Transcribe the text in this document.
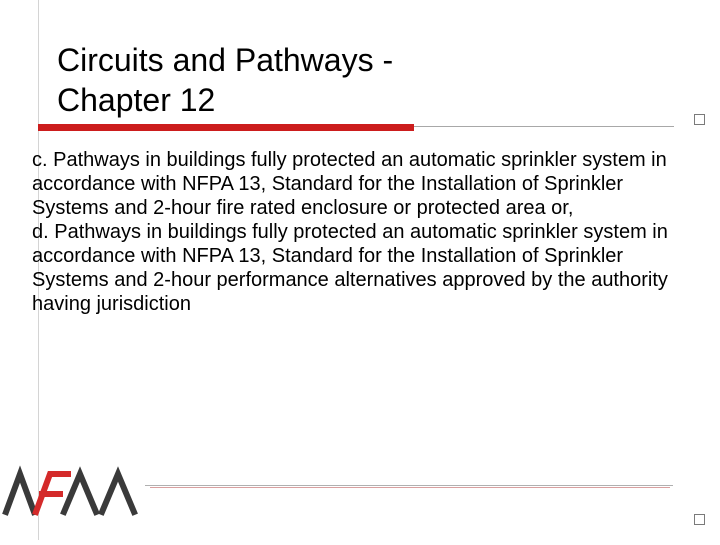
Circuits and Pathways -
Chapter 12

c. Pathways in buildings fully protected an automatic sprinkler system in accordance with NFPA 13, Standard for the Installation of Sprinkler Systems and 2-hour fire rated enclosure or protected area or,

d. Pathways in buildings fully protected an automatic sprinkler system in accordance with NFPA 13, Standard for the Installation of Sprinkler Systems and 2-hour performance alternatives approved by the authority having jurisdiction
